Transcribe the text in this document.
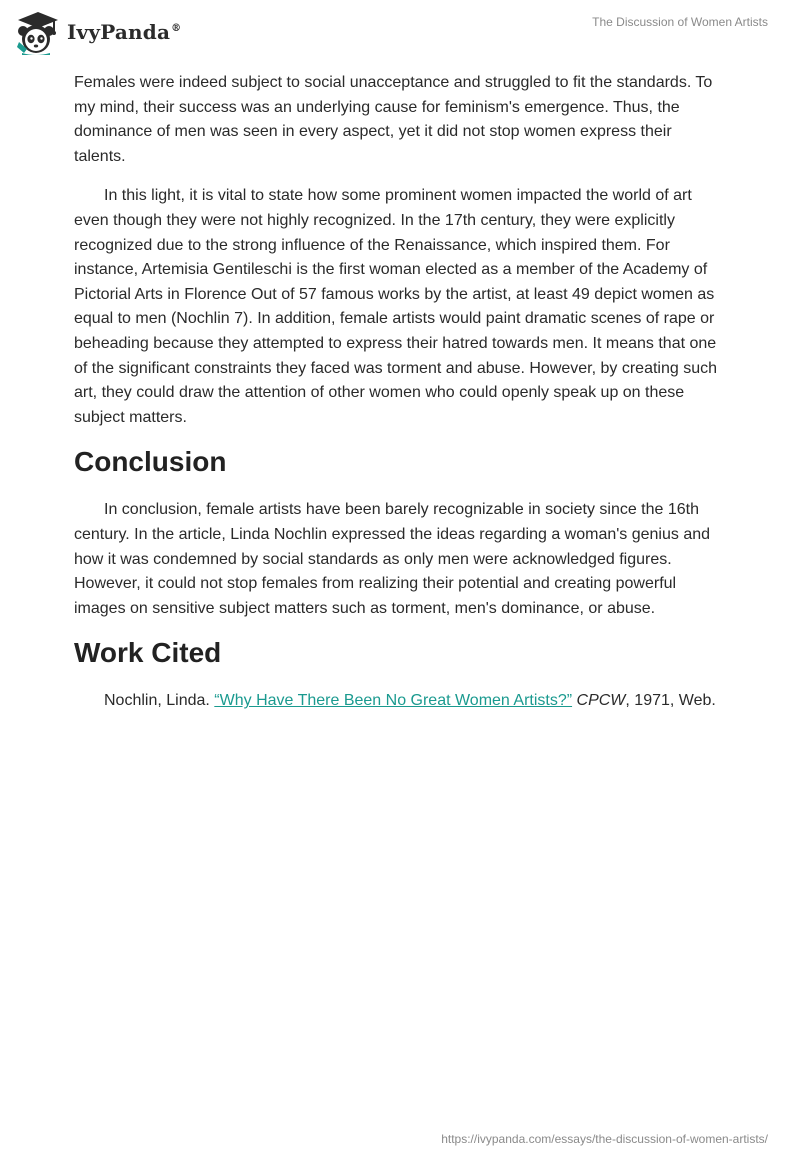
IvyPanda®	The Discussion of Women Artists

Females were indeed subject to social unacceptance and struggled to fit the standards. To my mind, their success was an underlying cause for feminism's emergence. Thus, the dominance of men was seen in every aspect, yet it did not stop women express their talents.

In this light, it is vital to state how some prominent women impacted the world of art even though they were not highly recognized. In the 17th century, they were explicitly recognized due to the strong influence of the Renaissance, which inspired them. For instance, Artemisia Gentileschi is the first woman elected as a member of the Academy of Pictorial Arts in Florence Out of 57 famous works by the artist, at least 49 depict women as equal to men (Nochlin 7). In addition, female artists would paint dramatic scenes of rape or beheading because they attempted to express their hatred towards men. It means that one of the significant constraints they faced was torment and abuse. However, by creating such art, they could draw the attention of other women who could openly speak up on these subject matters.

Conclusion

In conclusion, female artists have been barely recognizable in society since the 16th century. In the article, Linda Nochlin expressed the ideas regarding a woman's genius and how it was condemned by social standards as only men were acknowledged figures. However, it could not stop females from realizing their potential and creating powerful images on sensitive subject matters such as torment, men's dominance, or abuse.

Work Cited

Nochlin, Linda. “Why Have There Been No Great Women Artists?” CPCW, 1971, Web.

https://ivypanda.com/essays/the-discussion-of-women-artists/
